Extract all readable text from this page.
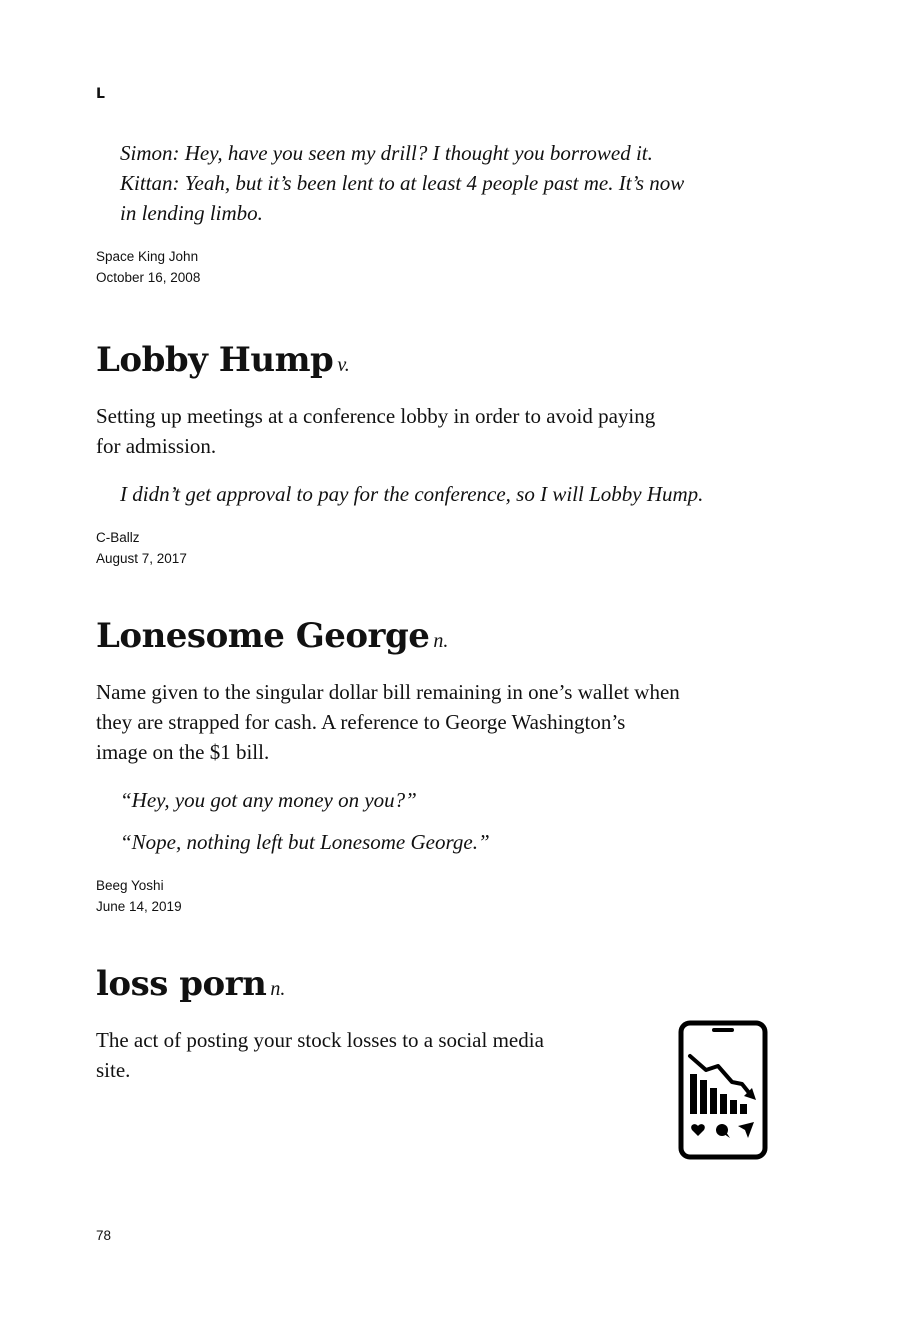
L

Simon: Hey, have you seen my drill? I thought you borrowed it.

Kittan: Yeah, but it’s been lent to at least 4 people past me. It’s now

in lending limbo.

Space King John

October 16, 2008

Lobby Hump v.

Setting up meetings at a conference lobby in order to avoid paying

for admission.

I didn’t get approval to pay for the conference, so I will Lobby Hump.

C-Ballz

August 7, 2017

Lonesome George n.

Name given to the singular dollar bill remaining in one’s wallet when

they are strapped for cash. A reference to George Washington’s

image on the $1 bill.

“Hey, you got any money on you?”

“Nope, nothing left but Lonesome George.”

Beeg Yoshi

June 14, 2019

loss porn n.

The act of posting your stock losses to a social media

site.

78
